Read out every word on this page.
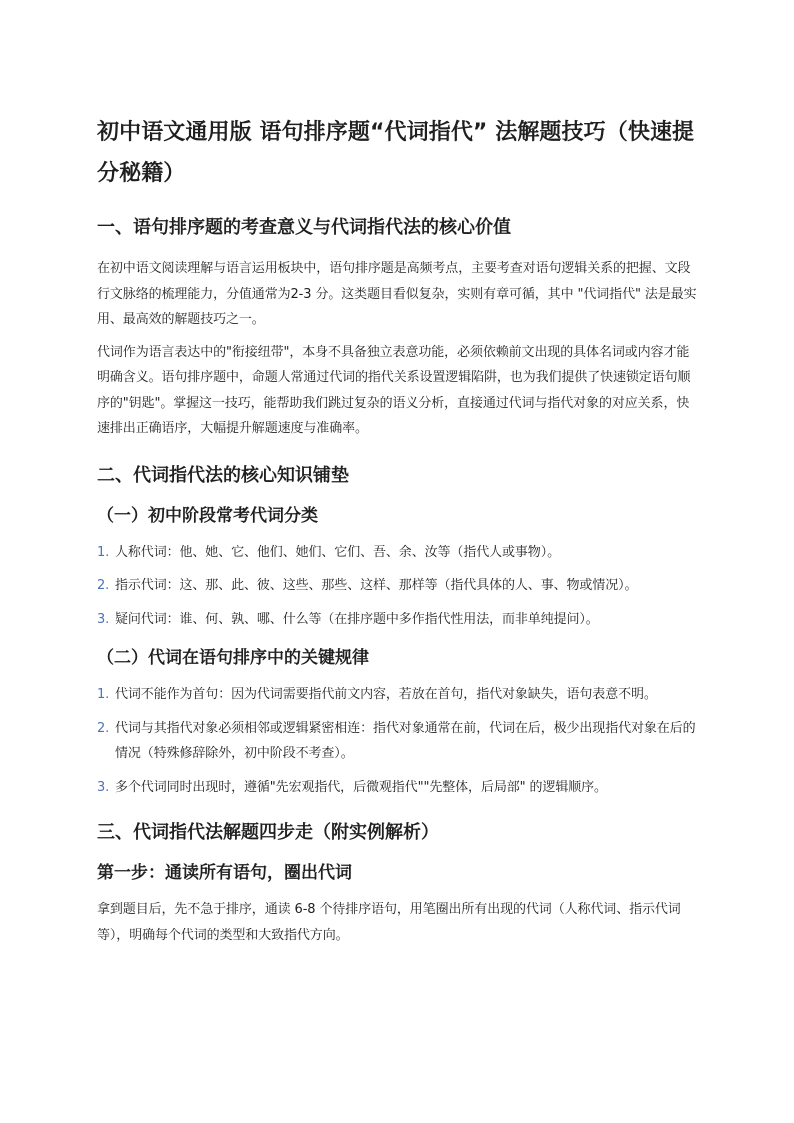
初中语文通用版 语句排序题“代词指代” 法解题技巧（快速提分秘籍）
一、语句排序题的考查意义与代词指代法的核心价值

在初中语文阅读理解与语言运用板块中，语句排序题是高频考点，主要考查对语句逻辑关系的把握、文段行文脉络的梳理能力，分值通常为2-3 分。这类题目看似复杂，实则有章可循，其中 "代词指代" 法是最实用、最高效的解题技巧之一。

代词作为语言表达中的"衔接纽带"，本身不具备独立表意功能，必须依赖前文出现的具体名词或内容才能明确含义。语句排序题中，命题人常通过代词的指代关系设置逻辑陷阱，也为我们提供了快速锁定语句顺序的"钥匙"。掌握这一技巧，能帮助我们跳过复杂的语义分析，直接通过代词与指代对象的对应关系，快速排出正确语序，大幅提升解题速度与准确率。

二、代词指代法的核心知识铺垫
（一）初中阶段常考代词分类
1. 人称代词：他、她、它、他们、她们、它们、吾、余、汝等（指代人或事物）。
2. 指示代词：这、那、此、彼、这些、那些、这样、那样等（指代具体的人、事、物或情况）。
3. 疑问代词：谁、何、孰、哪、什么等（在排序题中多作指代性用法，而非单纯提问）。
（二）代词在语句排序中的关键规律
1. 代词不能作为首句：因为代词需要指代前文内容，若放在首句，指代对象缺失，语句表意不明。
2. 代词与其指代对象必须相邻或逻辑紧密相连：指代对象通常在前，代词在后，极少出现指代对象在后的情况（特殊修辞除外，初中阶段不考查）。
3. 多个代词同时出现时，遵循"先宏观指代，后微观指代""先整体，后局部" 的逻辑顺序。
三、代词指代法解题四步走（附实例解析）
第一步：通读所有语句，圈出代词

拿到题目后，先不急于排序，通读 6-8 个待排序语句，用笔圈出所有出现的代词（人称代词、指示代词等），明确每个代词的类型和大致指代方向。
